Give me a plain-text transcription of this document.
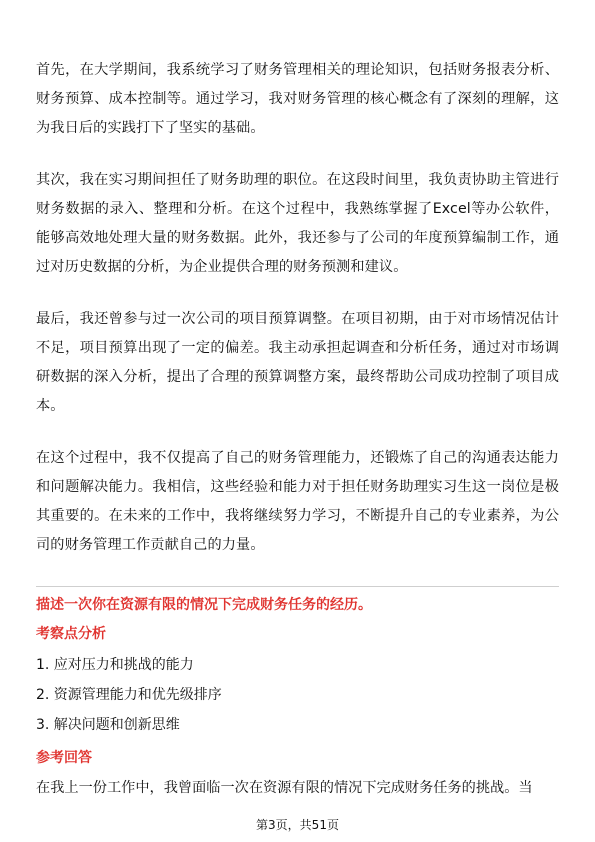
首先，在大学期间，我系统学习了财务管理相关的理论知识，包括财务报表分析、财务预算、成本控制等。通过学习，我对财务管理的核心概念有了深刻的理解，这为我日后的实践打下了坚实的基础。

其次，我在实习期间担任了财务助理的职位。在这段时间里，我负责协助主管进行财务数据的录入、整理和分析。在这个过程中，我熟练掌握了Excel等办公软件，能够高效地处理大量的财务数据。此外，我还参与了公司的年度预算编制工作，通过对历史数据的分析，为企业提供合理的财务预测和建议。

最后，我还曾参与过一次公司的项目预算调整。在项目初期，由于对市场情况估计不足，项目预算出现了一定的偏差。我主动承担起调查和分析任务，通过对市场调研数据的深入分析，提出了合理的预算调整方案，最终帮助公司成功控制了项目成本。

在这个过程中，我不仅提高了自己的财务管理能力，还锻炼了自己的沟通表达能力和问题解决能力。我相信，这些经验和能力对于担任财务助理实习生这一岗位是极其重要的。在未来的工作中，我将继续努力学习，不断提升自己的专业素养，为公司的财务管理工作贡献自己的力量。

描述一次你在资源有限的情况下完成财务任务的经历。

考察点分析

1. 应对压力和挑战的能力
2. 资源管理能力和优先级排序
3. 解决问题和创新思维

参考回答

在我上一份工作中，我曾面临一次在资源有限的情况下完成财务任务的挑战。当

第3页，共51页
